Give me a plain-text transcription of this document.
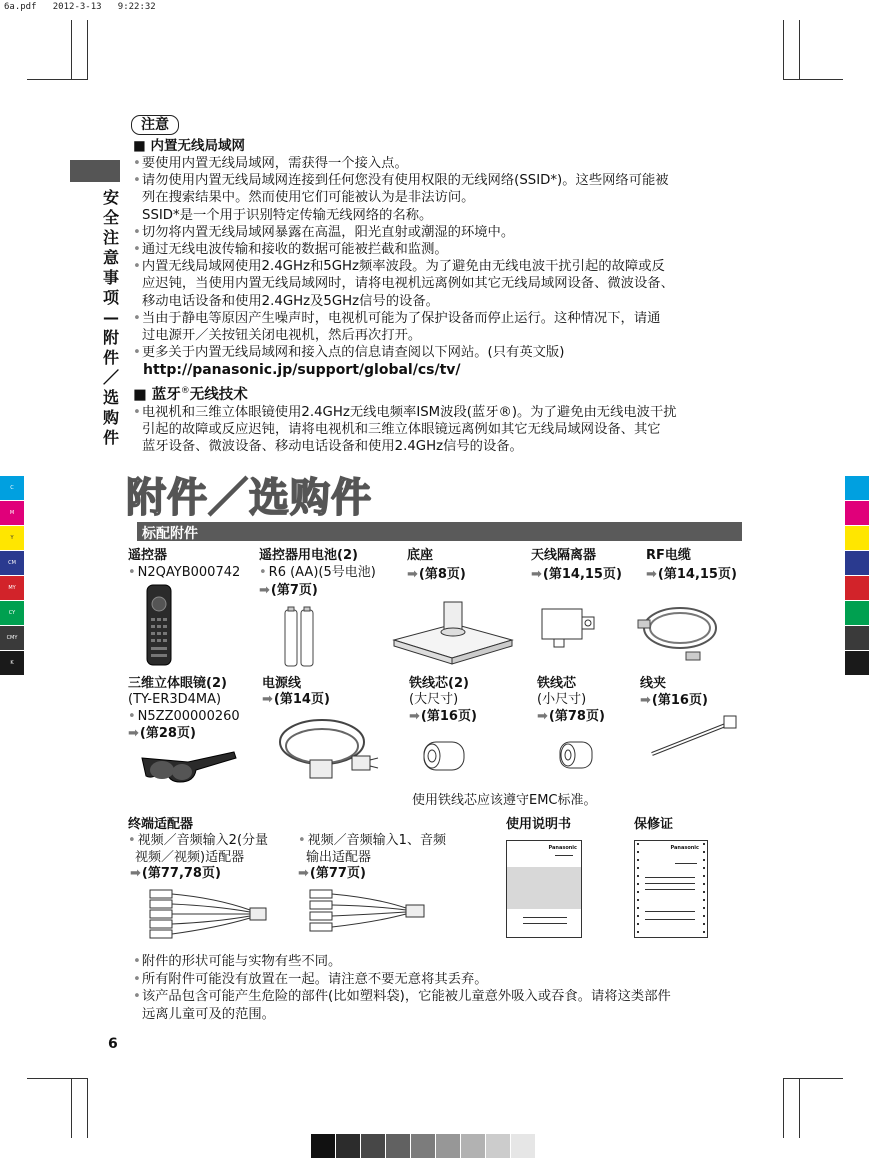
6a.pdf   2012-3-13   9:22:32
C
M
Y
CM
MY
CY
CMY
K
安
全
注
意
事
项
—
附
件
／
选
购
件
注意
■ 内置无线局域网
•要使用内置无线局域网，需获得一个接入点。
•请勿使用内置无线局域网连接到任何您没有使用权限的无线网络(SSID*)。这些网络可能被
列在搜索结果中。然而使用它们可能被认为是非法访问。
SSID*是一个用于识别特定传输无线网络的名称。
•切勿将内置无线局域网暴露在高温，阳光直射或潮湿的环境中。
•通过无线电波传输和接收的数据可能被拦截和监测。
•内置无线局域网使用2.4GHz和5GHz频率波段。为了避免由无线电波干扰引起的故障或反
应迟钝，当使用内置无线局域网时，请将电视机远离例如其它无线局域网设备、微波设备、
移动电话设备和使用2.4GHz及5GHz信号的设备。
•当由于静电等原因产生噪声时，电视机可能为了保护设备而停止运行。这种情况下，请通
过电源开／关按钮关闭电视机，然后再次打开。
•更多关于内置无线局域网和接入点的信息请查阅以下网站。(只有英文版)
http://panasonic.jp/support/global/cs/tv/
■ 蓝牙®无线技术
•电视机和三维立体眼镜使用2.4GHz无线电频率ISM波段(蓝牙®)。为了避免由无线电波干扰
引起的故障或反应迟钝，请将电视机和三维立体眼镜远离例如其它无线局域网设备、其它
蓝牙设备、微波设备、移动电话设备和使用2.4GHz信号的设备。
附件／选购件
标配附件
遥控器
• N2QAYB000742
遥控器用电池(2)
• R6 (AA)(5号电池)
➡(第7页)
底座
➡(第8页)
天线隔离器
➡(第14,15页)
RF电缆
➡(第14,15页)
三维立体眼镜(2)
(TY-ER3D4MA)
• N5ZZ00000260
➡(第28页)
电源线
➡(第14页)
铁线芯(2)
(大尺寸)
➡(第16页)
铁线芯
(小尺寸)
➡(第78页)
线夹
➡(第16页)
使用铁线芯应该遵守EMC标准。
终端适配器
• 视频／音频输入2(分量
视频／视频)适配器
➡(第77,78页)
• 视频／音频输入1、音频
输出适配器
➡(第77页)
使用说明书
Panasonic
保修证
Panasonic
•附件的形状可能与实物有些不同。
•所有附件可能没有放置在一起。请注意不要无意将其丢弃。
•该产品包含可能产生危险的部件(比如塑料袋)，它能被儿童意外吸入或吞食。请将这类部件
远离儿童可及的范围。
6
